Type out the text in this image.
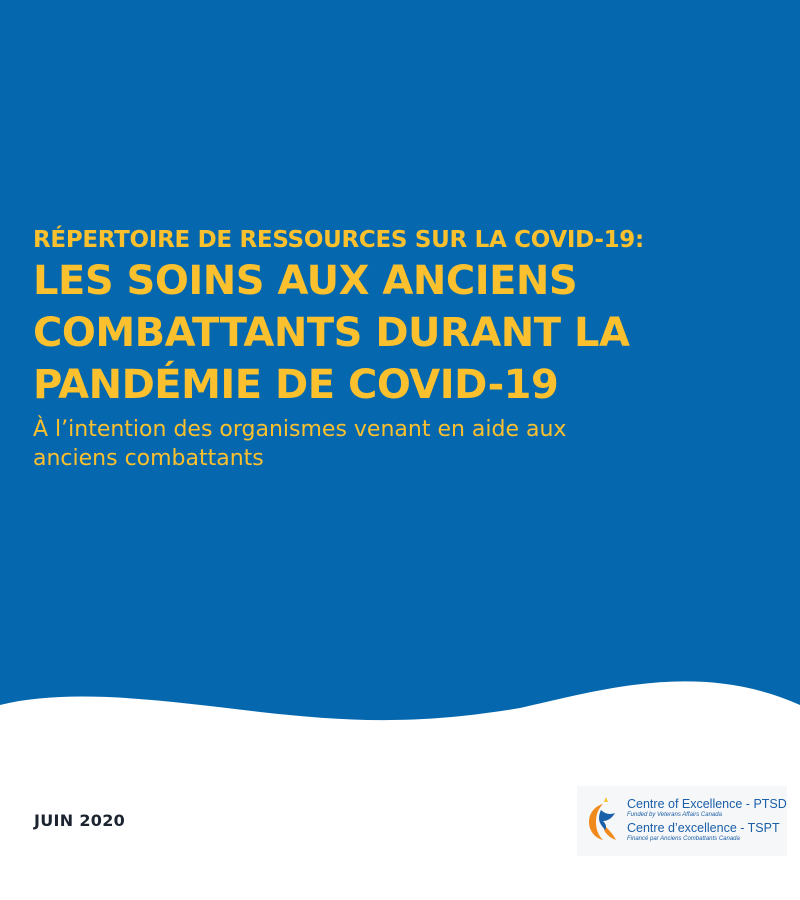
RÉPERTOIRE DE RESSOURCES SUR LA COVID-19:

LES SOINS AUX ANCIENS COMBATTANTS DURANT LA PANDÉMIE DE COVID-19

À l’intention des organismes venant en aide aux anciens combattants

JUIN 2020
Centre of Excellence - PTSD
Funded by Veterans Affairs Canada
Centre d’excellence - TSPT
Financé par Anciens Combattants Canada
